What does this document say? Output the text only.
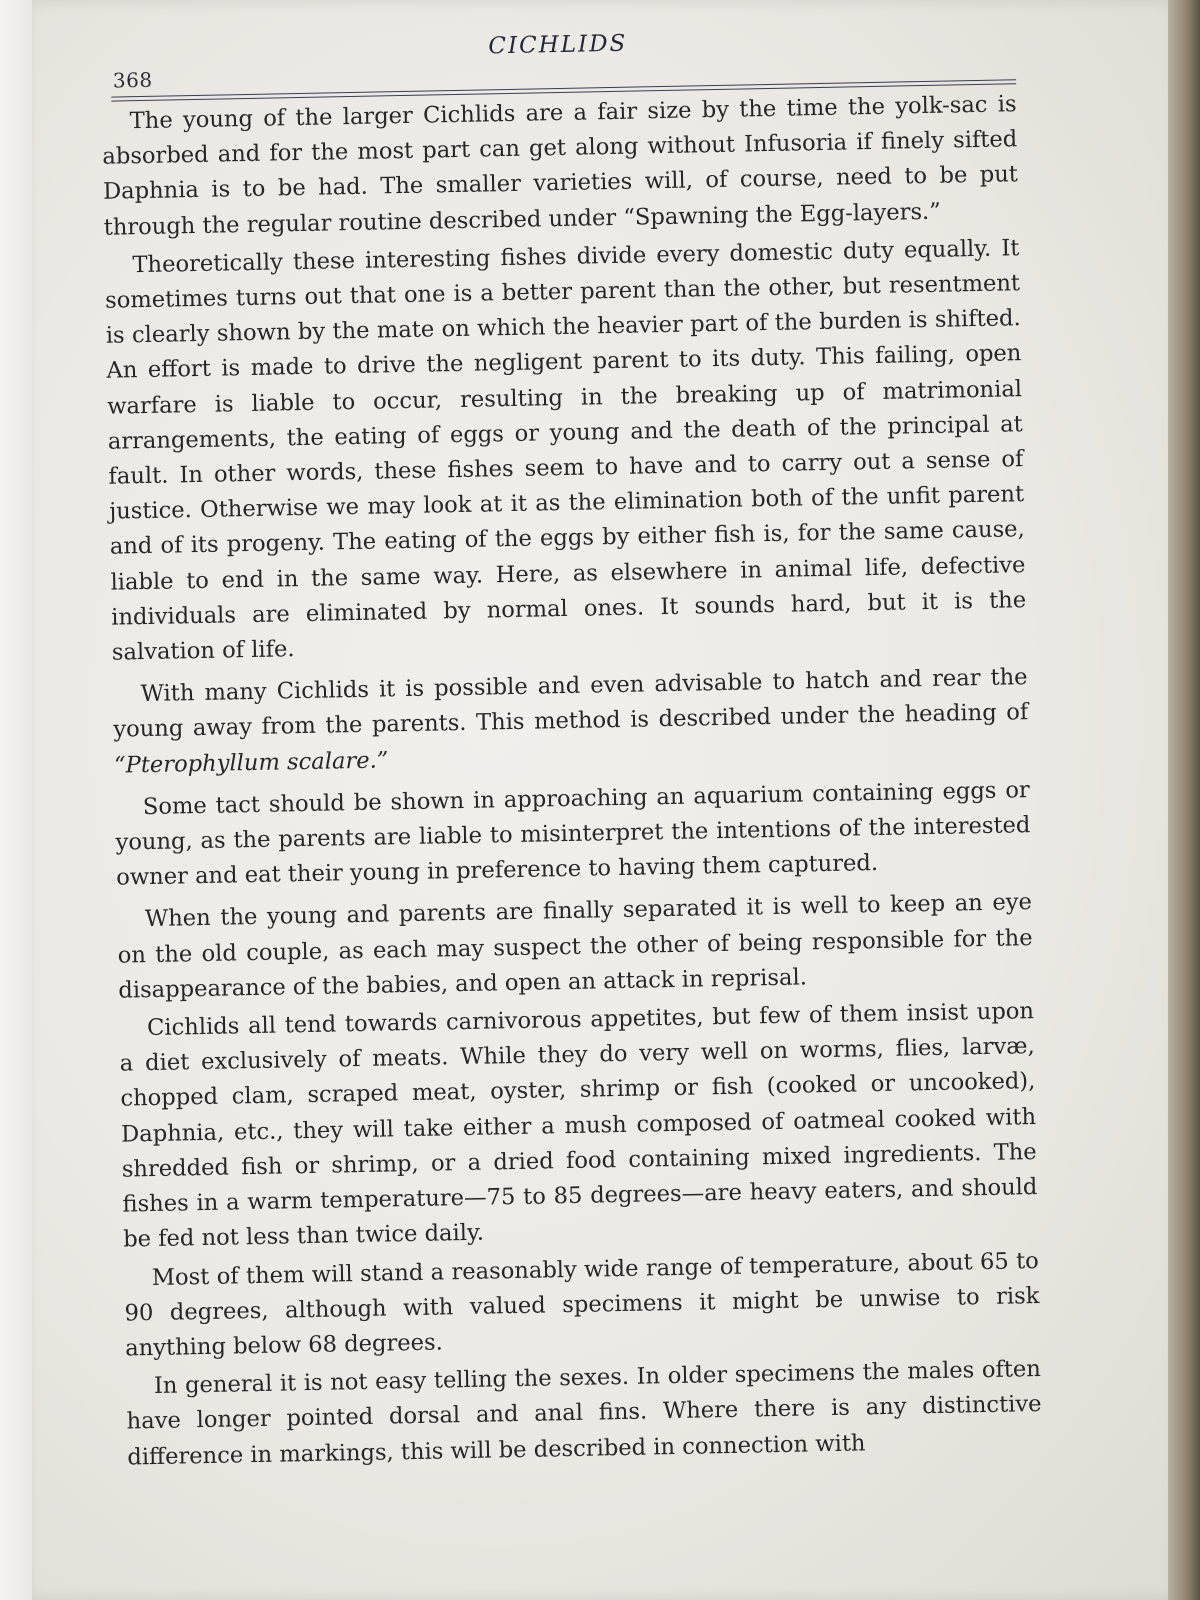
368
CICHLIDS

The young of the larger Cichlids are a fair size by the time the yolk-sac is absorbed and for the most part can get along without Infusoria if finely sifted Daphnia is to be had. The smaller varieties will, of course, need to be put through the regular routine described under “Spawning the Egg-layers.”

Theoretically these interesting fishes divide every domestic duty equally. It sometimes turns out that one is a better parent than the other, but resentment is clearly shown by the mate on which the heavier part of the burden is shifted. An effort is made to drive the negligent parent to its duty. This failing, open warfare is liable to occur, resulting in the breaking up of matrimonial arrangements, the eating of eggs or young and the death of the principal at fault. In other words, these fishes seem to have and to carry out a sense of justice. Otherwise we may look at it as the elimination both of the unfit parent and of its progeny. The eating of the eggs by either fish is, for the same cause, liable to end in the same way. Here, as elsewhere in animal life, defective individuals are eliminated by normal ones. It sounds hard, but it is the salvation of life.

With many Cichlids it is possible and even advisable to hatch and rear the young away from the parents. This method is described under the heading of “Pterophyllum scalare.”

Some tact should be shown in approaching an aquarium containing eggs or young, as the parents are liable to misinterpret the intentions of the interested owner and eat their young in preference to having them captured.

When the young and parents are finally separated it is well to keep an eye on the old couple, as each may suspect the other of being responsible for the disappearance of the babies, and open an attack in reprisal.

Cichlids all tend towards carnivorous appetites, but few of them insist upon a diet exclusively of meats. While they do very well on worms, flies, larvæ, chopped clam, scraped meat, oyster, shrimp or fish (cooked or uncooked), Daphnia, etc., they will take either a mush composed of oatmeal cooked with shredded fish or shrimp, or a dried food containing mixed ingredients. The fishes in a warm temperature—75 to 85 degrees—are heavy eaters, and should be fed not less than twice daily.

Most of them will stand a reasonably wide range of temperature, about 65 to 90 degrees, although with valued specimens it might be unwise to risk anything below 68 degrees.

In general it is not easy telling the sexes. In older specimens the males often have longer pointed dorsal and anal fins. Where there is any distinctive difference in markings, this will be described in connection with
